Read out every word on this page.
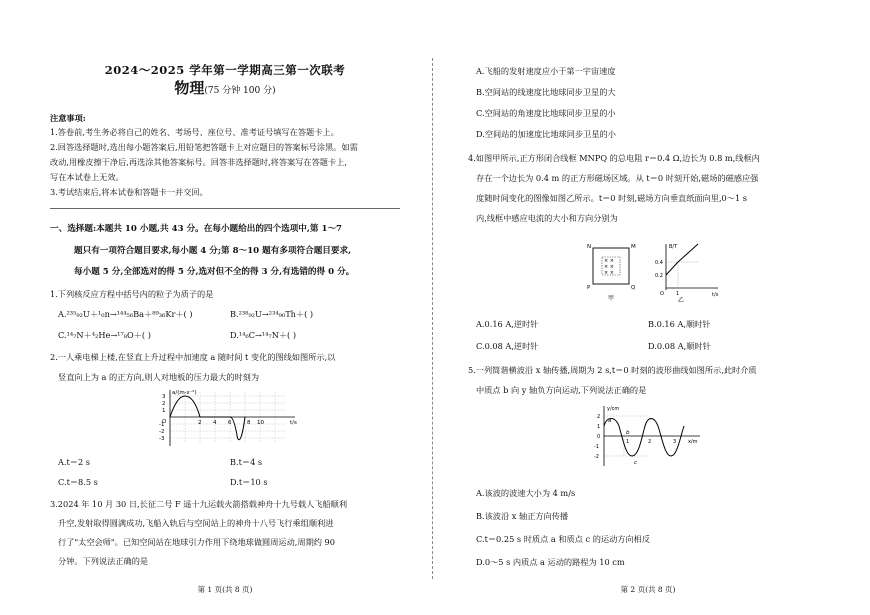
2024～2025 学年第一学期高三第一次联考
物理(75 分钟 100 分)
注意事项:
1.答卷前,考生务必将自己的姓名、考场号、座位号、准考证号填写在答题卡上。
2.回答选择题时,选出每小题答案后,用铅笔把答题卡上对应题目的答案标号涂黑。如需
改动,用橡皮擦干净后,再选涂其他答案标号。回答非选择题时,将答案写在答题卡上,
写在本试卷上无效。
3.考试结束后,将本试卷和答题卡一并交回。
一、选择题:本题共 10 小题,共 43 分。在每小题给出的四个选项中,第 1～7
题只有一项符合题目要求,每小题 4 分;第 8～10 题有多项符合题目要求,
每小题 5 分,全部选对的得 5 分,选对但不全的得 3 分,有选错的得 0 分。
1.下列核反应方程中括号内的粒子为质子的是
A.²³⁵₉₂U＋¹₀n→¹⁴⁴₅₆Ba＋⁸⁹₃₆Kr＋( )	B.²³⁸₉₂U→²³⁴₉₀Th＋( )
C.¹⁴₇N＋⁴₂He→¹⁷₈O＋( )	D.¹⁴₆C→¹⁴₇N＋( )
2.一人乘电梯上楼,在竖直上升过程中加速度 a 随时间 t 变化的图线如图所示,以
竖直向上为 a 的正方向,则人对地板的压力最大的时刻为
a/(m·s⁻²)
t/s
3
2
1
O
-1
-2
-3
2 4 6	8 10
A.t＝2 s	B.t＝4 s
C.t＝8.5 s	D.t＝10 s
3.2024 年 10 月 30 日,长征二号 F 遥十九运载火箭搭载神舟十九号载人飞船顺利
升空,发射取得圆满成功,飞船入轨后与空间站上的神舟十八号飞行乘组顺利进
行了"太空会师"。已知空间站在地球引力作用下绕地球做圆周运动,周期约 90
分钟。下列说法正确的是
第 1 页(共 8 页)
A.飞船的发射速度应小于第一宇宙速度
B.空间站的线速度比地球同步卫星的大
C.空间站的角速度比地球同步卫星的小
D.空间站的加速度比地球同步卫星的小
4.如图甲所示,正方形闭合线框 MNPQ 的总电阻 r＝0.4 Ω,边长为 0.8 m,线框内
存在一个边长为 0.4 m 的正方形磁场区域。从 t＝0 时刻开始,磁场的磁感应强
度随时间变化的图像如图乙所示。t＝0 时刻,磁场方向垂直纸面向里,0～1 s
内,线框中感应电流的大小和方向分别为
× ×
× ×
× ×
N	M
P	Q
甲
B/T
t/s
0.4
0.2
1
O
乙
A.0.16 A,逆时针	B.0.16 A,顺时针
C.0.08 A,逆时针	D.0.08 A,顺时针
5.一列简谐横波沿 x 轴传播,周期为 2 s,t＝0 时刻的波形曲线如图所示,此时介质
中质点 b 向 y 轴负方向运动,下列说法正确的是
y/cm
x/m
2
1
0
-1
-2
1	2	3
a
b
c
A.该波的波速大小为 4 m/s
B.该波沿 x 轴正方向传播
C.t＝0.25 s 时质点 a 和质点 c 的运动方向相反
D.0～5 s 内质点 a 运动的路程为 10 cm
第 2 页(共 8 页)
